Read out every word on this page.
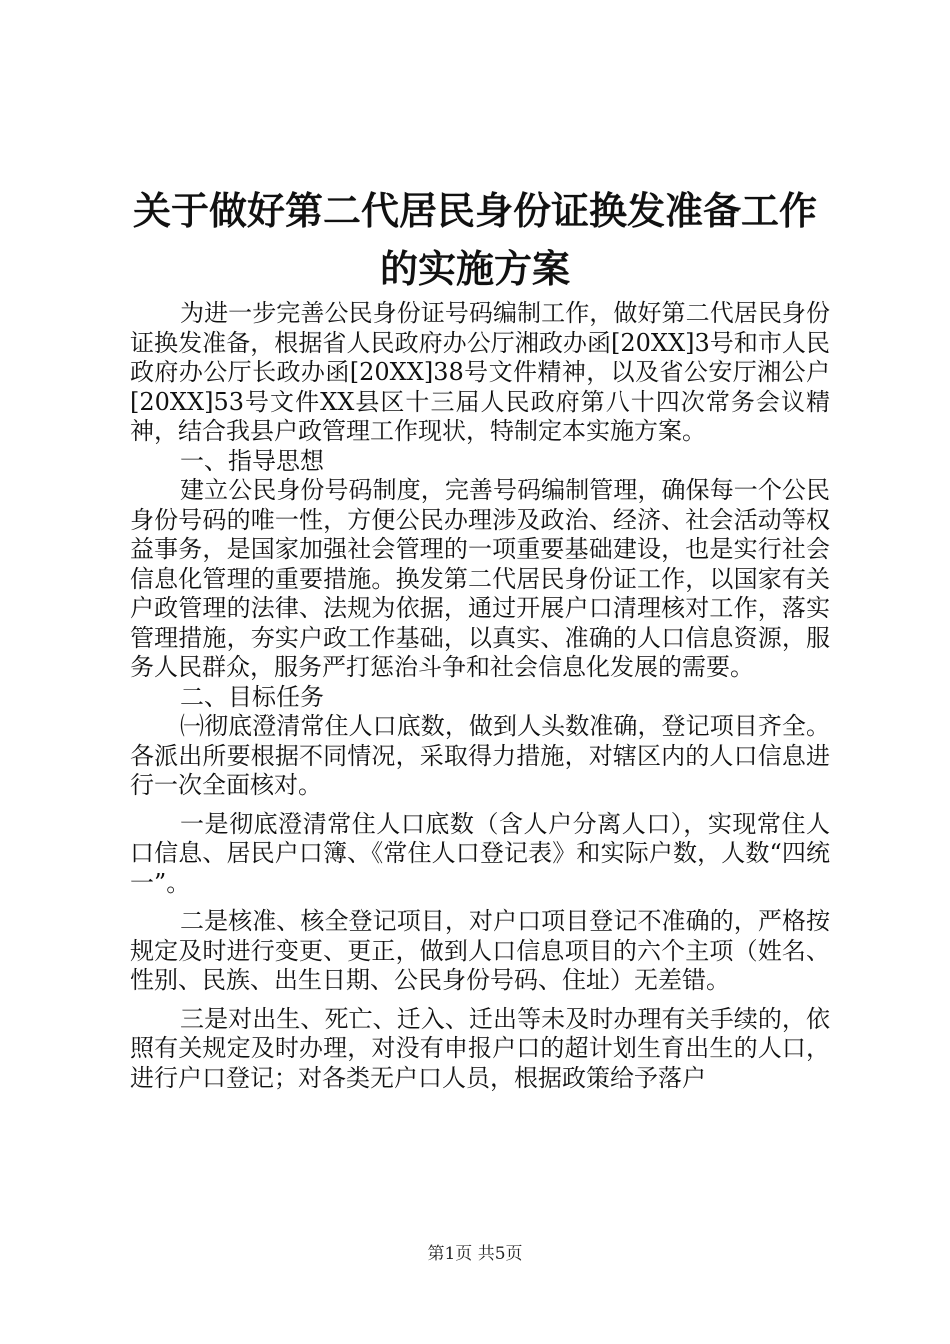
关于做好第二代居民身份证换发准备工作的实施方案

为进一步完善公民身份证号码编制工作，做好第二代居民身份证换发准备，根据省人民政府办公厅湘政办函[20XX]3号和市人民政府办公厅长政办函[20XX]38号文件精神，以及省公安厅湘公户[20XX]53号文件XX县区十三届人民政府第八十四次常务会议精神，结合我县户政管理工作现状，特制定本实施方案。

一、指导思想

建立公民身份号码制度，完善号码编制管理，确保每一个公民身份号码的唯一性，方便公民办理涉及政治、经济、社会活动等权益事务，是国家加强社会管理的一项重要基础建设，也是实行社会信息化管理的重要措施。换发第二代居民身份证工作，以国家有关户政管理的法律、法规为依据，通过开展户口清理核对工作，落实管理措施，夯实户政工作基础，以真实、准确的人口信息资源，服务人民群众，服务严打惩治斗争和社会信息化发展的需要。

二、目标任务

㈠彻底澄清常住人口底数，做到人头数准确，登记项目齐全。各派出所要根据不同情况，采取得力措施，对辖区内的人口信息进行一次全面核对。

一是彻底澄清常住人口底数（含人户分离人口），实现常住人口信息、居民户口簿、《常住人口登记表》和实际户数，人数“四统一”。

二是核准、核全登记项目，对户口项目登记不准确的，严格按规定及时进行变更、更正，做到人口信息项目的六个主项（姓名、性别、民族、出生日期、公民身份号码、住址）无差错。

三是对出生、死亡、迁入、迁出等未及时办理有关手续的，依照有关规定及时办理，对没有申报户口的超计划生育出生的人口，进行户口登记；对各类无户口人员，根据政策给予落户

第1页 共5页
